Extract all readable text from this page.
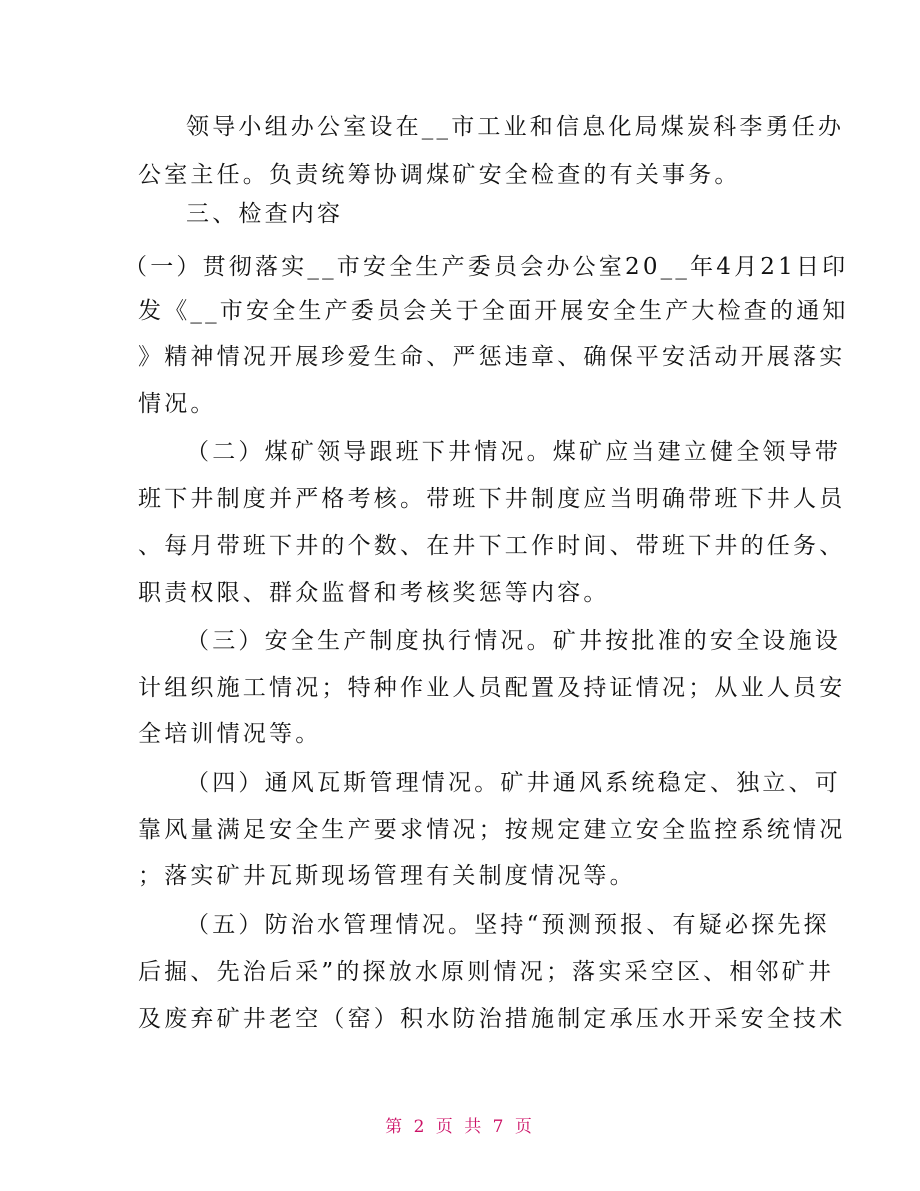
领导小组办公室设在__市工业和信息化局煤炭科李勇任办
公室主任。负责统筹协调煤矿安全检查的有关事务。
三、检查内容
（一）贯彻落实__市安全生产委员会办公室20__年4月21日印
发《__市安全生产委员会关于全面开展安全生产大检查的通知
》精神情况开展珍爱生命、严惩违章、确保平安活动开展落实
情况。
（二）煤矿领导跟班下井情况。煤矿应当建立健全领导带
班下井制度并严格考核。带班下井制度应当明确带班下井人员
、每月带班下井的个数、在井下工作时间、带班下井的任务、
职责权限、群众监督和考核奖惩等内容。
（三）安全生产制度执行情况。矿井按批准的安全设施设
计组织施工情况；特种作业人员配置及持证情况；从业人员安
全培训情况等。
（四）通风瓦斯管理情况。矿井通风系统稳定、独立、可
靠风量满足安全生产要求情况；按规定建立安全监控系统情况
；落实矿井瓦斯现场管理有关制度情况等。
（五）防治水管理情况。坚持“预测预报、有疑必探先探
后掘、先治后采”的探放水原则情况；落实采空区、相邻矿井
及废弃矿井老空（窑）积水防治措施制定承压水开采安全技术
第 2 页 共 7 页
